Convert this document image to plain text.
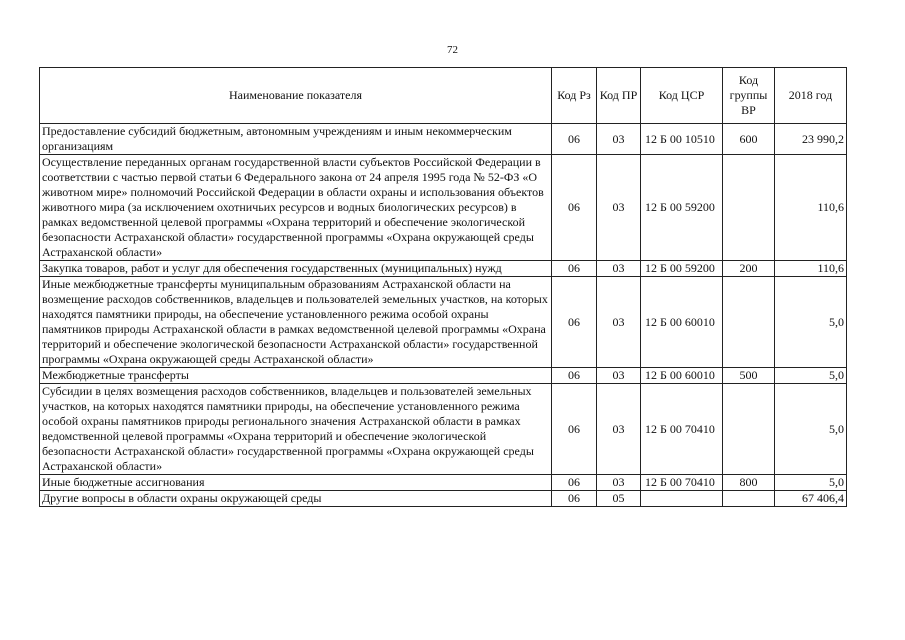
72
Наименование показателя	Код Рз	Код ПР	Код ЦСР	Код группы ВР	2018 год
Предоставление субсидий бюджетным, автономным учреждениям и иным некоммерческим организациям	06	03	12 Б 00 10510	600	23 990,2
Осуществление переданных органам государственной власти субъектов Российской Федерации в соответствии с частью первой статьи 6 Федерального закона от 24 апреля 1995 года № 52-ФЗ «О животном мире» полномочий Российской Федерации в области охраны и использования объектов животного мира (за исключением охотничьих ресурсов и водных биологических ресурсов) в рамках ведомственной целевой программы «Охрана территорий и обеспечение экологической безопасности Астраханской области» государственной программы «Охрана окружающей среды Астраханской области»	06	03	12 Б 00 59200		110,6
Закупка товаров, работ и услуг для обеспечения государственных (муниципальных) нужд	06	03	12 Б 00 59200	200	110,6
Иные межбюджетные трансферты муниципальным образованиям Астраханской области на возмещение расходов собственников, владельцев и пользователей земельных участков, на которых находятся памятники природы, на обеспечение установленного режима особой охраны памятников природы Астраханской области в рамках ведомственной целевой программы «Охрана территорий и обеспечение экологической безопасности Астраханской области» государственной программы «Охрана окружающей среды Астраханской области»	06	03	12 Б 00 60010		5,0
Межбюджетные трансферты	06	03	12 Б 00 60010	500	5,0
Субсидии в целях возмещения расходов собственников, владельцев и пользователей земельных участков, на которых находятся памятники природы, на обеспечение установленного режима особой охраны памятников природы регионального значения Астраханской области в рамках ведомственной целевой программы «Охрана территорий и обеспечение экологической безопасности Астраханской области» государственной программы «Охрана окружающей среды Астраханской области»	06	03	12 Б 00 70410		5,0
Иные бюджетные ассигнования	06	03	12 Б 00 70410	800	5,0
Другие вопросы в области охраны окружающей среды	06	05			67 406,4
